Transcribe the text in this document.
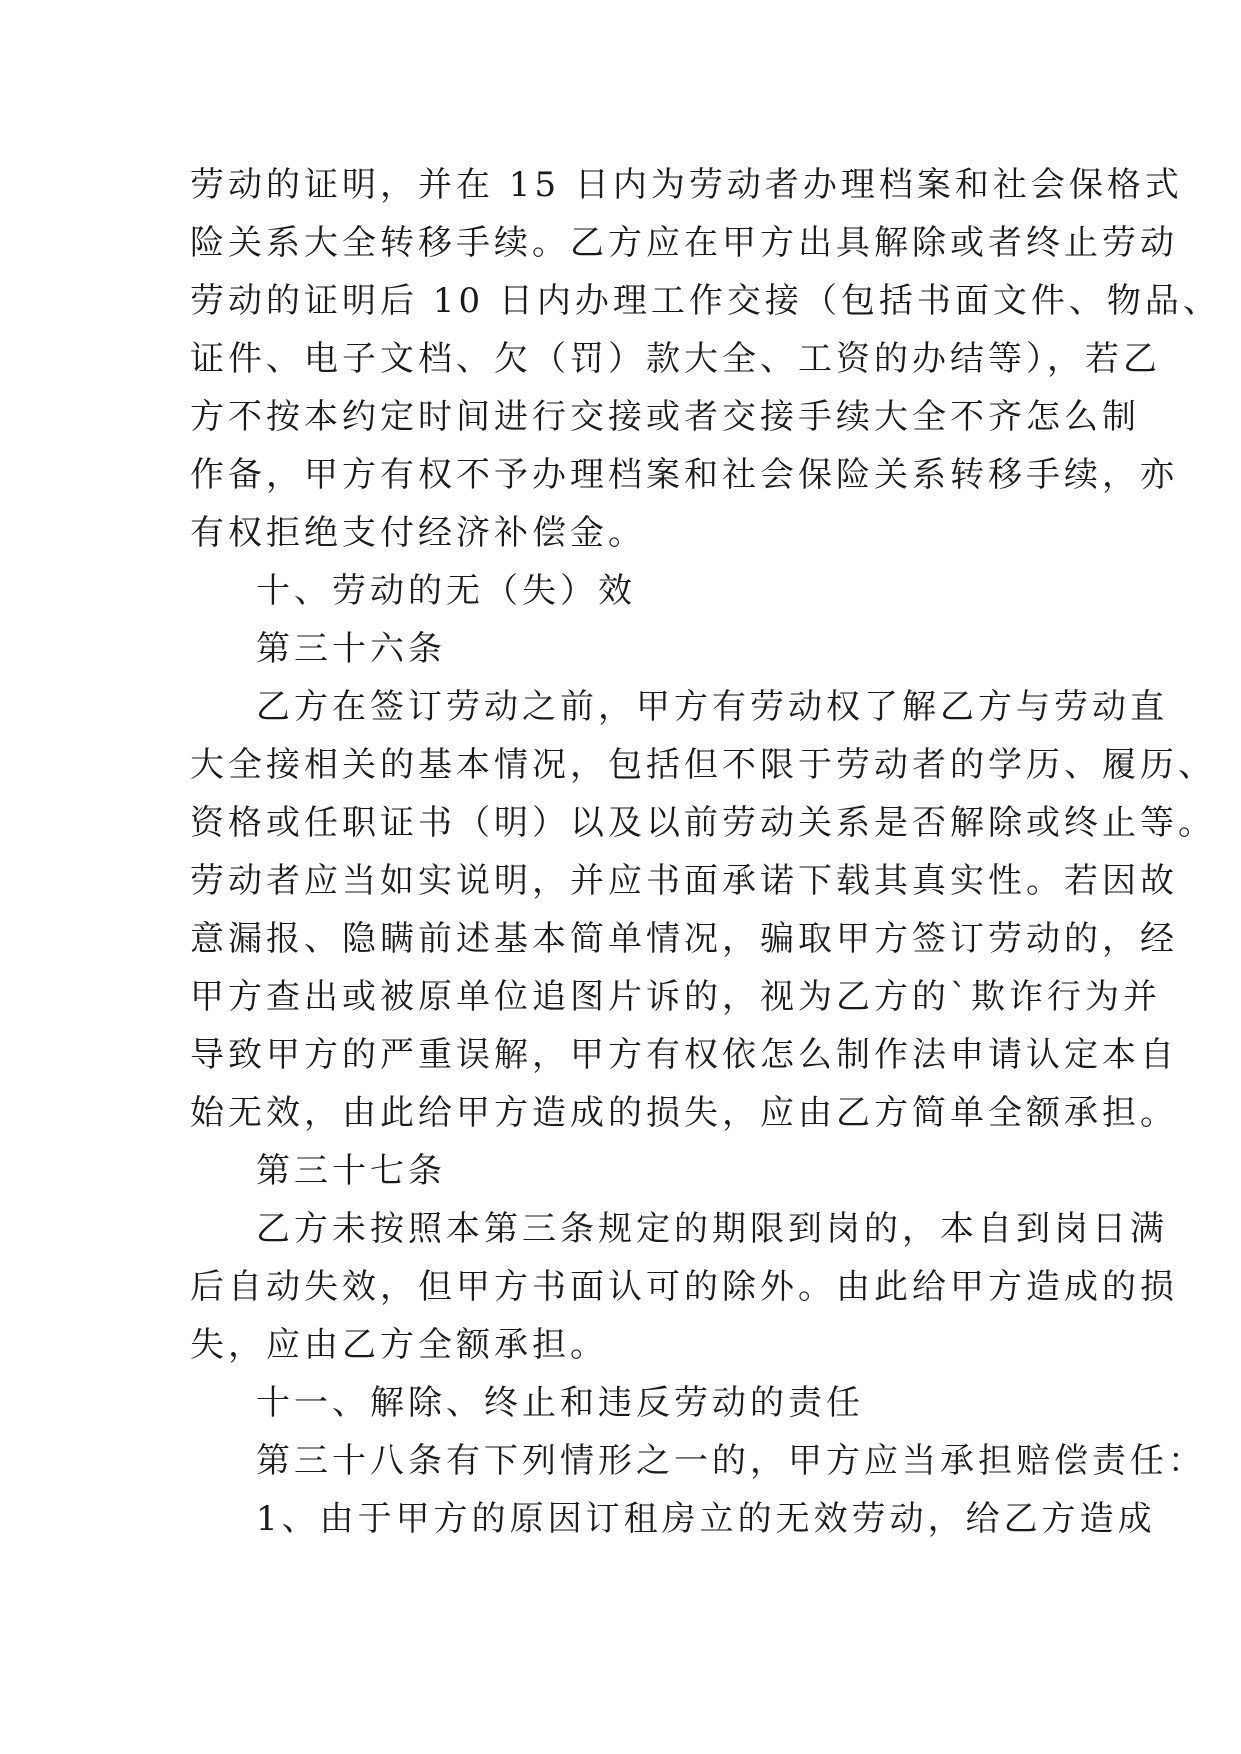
劳动的证明，并在 15 日内为劳动者办理档案和社会保格式
险关系大全转移手续。乙方应在甲方出具解除或者终止劳动
劳动的证明后 10 日内办理工作交接（包括书面文件、物品、
证件、电子文档、欠（罚）款大全、工资的办结等），若乙
方不按本约定时间进行交接或者交接手续大全不齐怎么制
作备，甲方有权不予办理档案和社会保险关系转移手续，亦
有权拒绝支付经济补偿金。
十、劳动的无（失）效
第三十六条
乙方在签订劳动之前，甲方有劳动权了解乙方与劳动直
大全接相关的基本情况，包括但不限于劳动者的学历、履历、
资格或任职证书（明）以及以前劳动关系是否解除或终止等。
劳动者应当如实说明，并应书面承诺下载其真实性。若因故
意漏报、隐瞒前述基本简单情况，骗取甲方签订劳动的，经
甲方查出或被原单位追图片诉的，视为乙方的`欺诈行为并
导致甲方的严重误解，甲方有权依怎么制作法申请认定本自
始无效，由此给甲方造成的损失，应由乙方简单全额承担。
第三十七条
乙方未按照本第三条规定的期限到岗的，本自到岗日满
后自动失效，但甲方书面认可的除外。由此给甲方造成的损
失，应由乙方全额承担。
十一、解除、终止和违反劳动的责任
第三十八条有下列情形之一的，甲方应当承担赔偿责任：
1、由于甲方的原因订租房立的无效劳动，给乙方造成
